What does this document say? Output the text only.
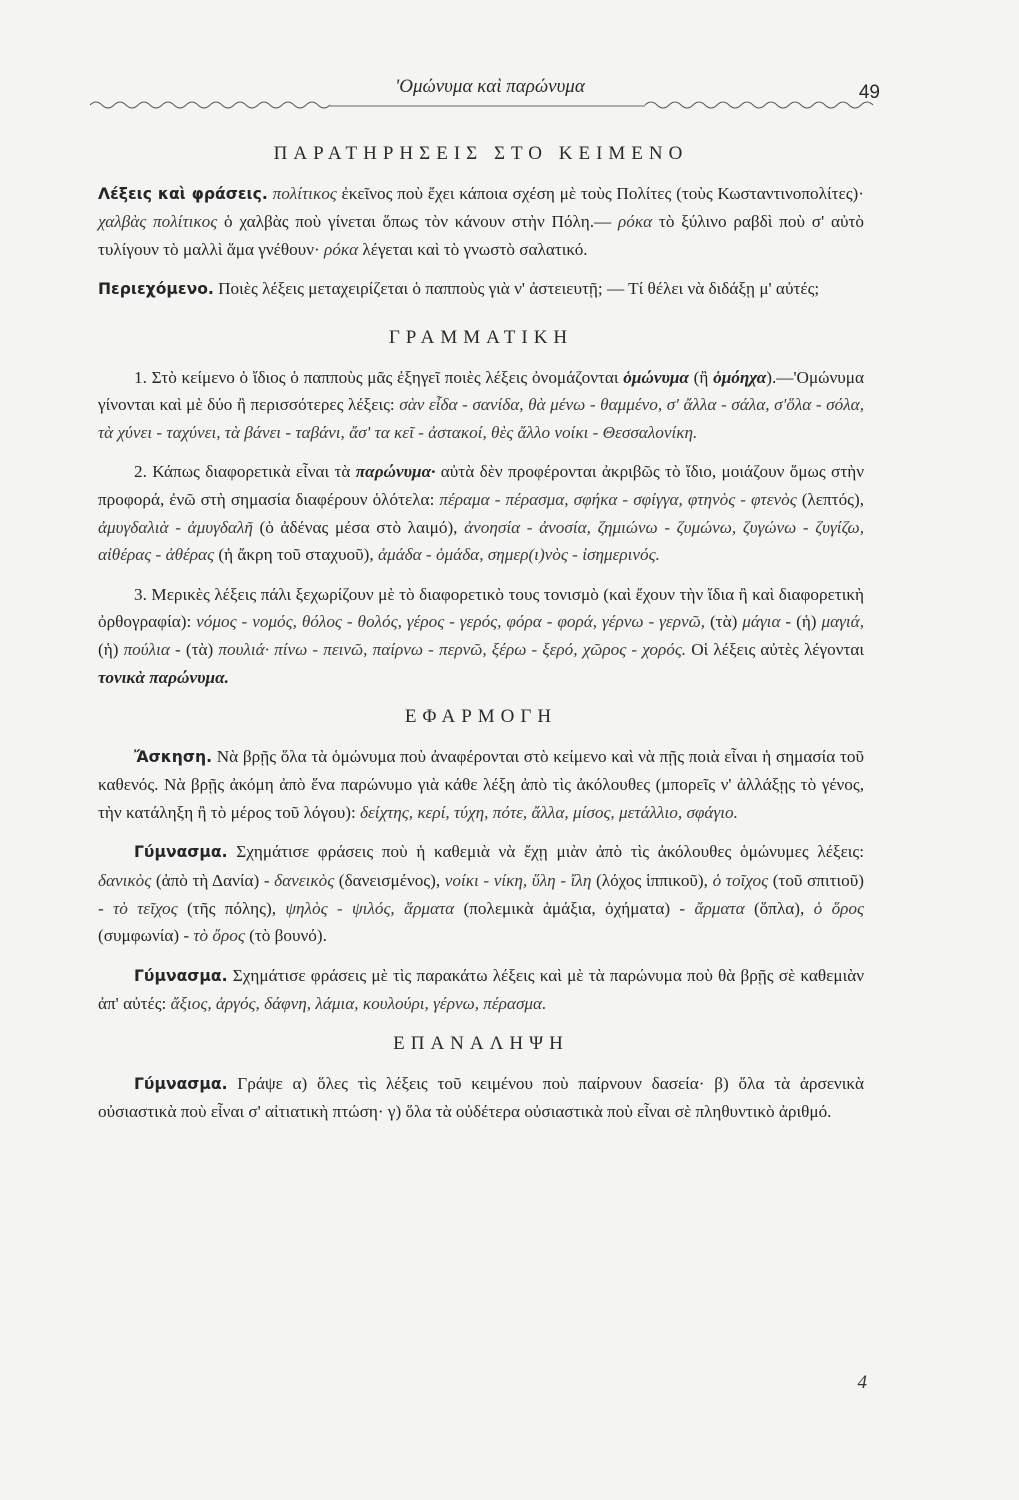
'Ομώνυμα καὶ παρώνυμα	49
ΠΑΡΑΤΗΡΗΣΕΙΣ ΣΤΟ ΚΕΙΜΕΝΟ

Λέξεις καὶ φράσεις. πολίτικος ἐκεῖνος ποὺ ἔχει κάποια σχέση μὲ τοὺς Πολίτες (τοὺς Κωσταντινοπολίτες)· χαλβὰς πολίτικος ὁ χαλβὰς ποὺ γίνεται ὅπως τὸν κάνουν στὴν Πόλη.— ρόκα τὸ ξύλινο ραβδὶ ποὺ σ' αὐτὸ τυλίγουν τὸ μαλλὶ ἅμα γνέθουν· ρόκα λέγεται καὶ τὸ γνωστὸ σαλατικό.

Περιεχόμενο. Ποιὲς λέξεις μεταχειρίζεται ὁ παπποὺς γιὰ ν' ἀστειευτῇ; — Τί θέλει νὰ διδάξῃ μ' αὐτές;

ΓΡΑΜΜΑΤΙΚΗ

1. Στὸ κείμενο ὁ ἴδιος ὁ παπποὺς μᾶς ἐξηγεῖ ποιὲς λέξεις ὀνομάζονται ὁμώνυμα (ἢ ὁμόηχα).—'Ομώνυμα γίνονται καὶ μὲ δύο ἢ περισσότερες λέξεις: σὰν εἶδα - σανίδα, θὰ μένω - θαμμένο, σ' ἄλλα - σάλα, σ'ὅλα - σόλα, τὰ χύνει - ταχύνει, τὰ βάνει - ταβάνι, ἄσ' τα κεῖ - ἀστακοί, θὲς ἄλλο νοίκι - Θεσσαλονίκη.

2. Κάπως διαφορετικὰ εἶναι τὰ παρώνυμα· αὐτὰ δὲν προφέρονται ἀκριβῶς τὸ ἴδιο, μοιάζουν ὅμως στὴν προφορά, ἐνῶ στὴ σημασία διαφέρουν ὁλότελα: πέραμα - πέρασμα, σφήκα - σφίγγα, φτηνὸς - φτενὸς (λεπτός), ἀμυγδαλιὰ - ἀμυγδαλῆ (ὁ ἀδένας μέσα στὸ λαιμό), ἀνοησία - ἀνοσία, ζημιώνω - ζυμώνω, ζυγώνω - ζυγίζω, αἰθέρας - ἀθέρας (ἡ ἄκρη τοῦ σταχυοῦ), ἀμάδα - ὁμάδα, σημερ(ι)νὸς - ἰσημερινός.

3. Μερικὲς λέξεις πάλι ξεχωρίζουν μὲ τὸ διαφορετικὸ τους τονισμὸ (καὶ ἔχουν τὴν ἴδια ἢ καὶ διαφορετικὴ ὀρθογραφία): νόμος - νομός, θόλος - θολός, γέρος - γερός, φόρα - φορά, γέρνω - γερνῶ, (τὰ) μάγια - (ἡ) μαγιά, (ἡ) πούλια - (τὰ) πουλιά· πίνω - πεινῶ, παίρνω - περνῶ, ξέρω - ξερό, χῶρος - χορός. Οἱ λέξεις αὐτὲς λέγονται τονικὰ παρώνυμα.

ΕΦΑΡΜΟΓΗ

Ἄσκηση. Νὰ βρῇς ὅλα τὰ ὁμώνυμα ποὺ ἀναφέρονται στὸ κείμενο καὶ νὰ πῇς ποιὰ εἶναι ἡ σημασία τοῦ καθενός. Νὰ βρῇς ἀκόμη ἀπὸ ἕνα παρώνυμο γιὰ κάθε λέξη ἀπὸ τὶς ἀκόλουθες (μπορεῖς ν' ἀλλάξῃς τὸ γένος, τὴν κατάληξη ἢ τὸ μέρος τοῦ λόγου): δείχτης, κερί, τύχη, πότε, ἄλλα, μίσος, μετάλλιο, σφάγιο.

Γύμνασμα. Σχημάτισε φράσεις ποὺ ἡ καθεμιὰ νὰ ἔχῃ μιὰν ἀπὸ τὶς ἀκόλουθες ὁμώνυμες λέξεις: δανικὸς (ἀπὸ τὴ Δανία) - δανεικὸς (δανεισμένος), νοίκι - νίκη, ὕλη - ἴλη (λόχος ἱππικοῦ), ὁ τοῖχος (τοῦ σπιτιοῦ) - τὸ τεῖχος (τῆς πόλης), ψηλὸς - ψιλός, ἅρματα (πολεμικὰ ἁμάξια, ὀχήματα) - ἄρματα (ὅπλα), ὁ ὅρος (συμφωνία) - τὸ ὄρος (τὸ βουνό).

Γύμνασμα. Σχημάτισε φράσεις μὲ τὶς παρακάτω λέξεις καὶ μὲ τὰ παρώνυμα ποὺ θὰ βρῇς σὲ καθεμιὰν ἀπ' αὐτές: ἄξιος, ἀργός, δάφνη, λάμια, κουλούρι, γέρνω, πέρασμα.

ΕΠΑΝΑΛΗΨΗ

Γύμνασμα. Γράψε α) ὅλες τὶς λέξεις τοῦ κειμένου ποὺ παίρνουν δασεία· β) ὅλα τὰ ἀρσενικὰ οὐσιαστικὰ ποὺ εἶναι σ' αἰτιατικὴ πτώση· γ) ὅλα τὰ οὐδέτερα οὐσιαστικὰ ποὺ εἶναι σὲ πληθυντικὸ ἀριθμό.

4
